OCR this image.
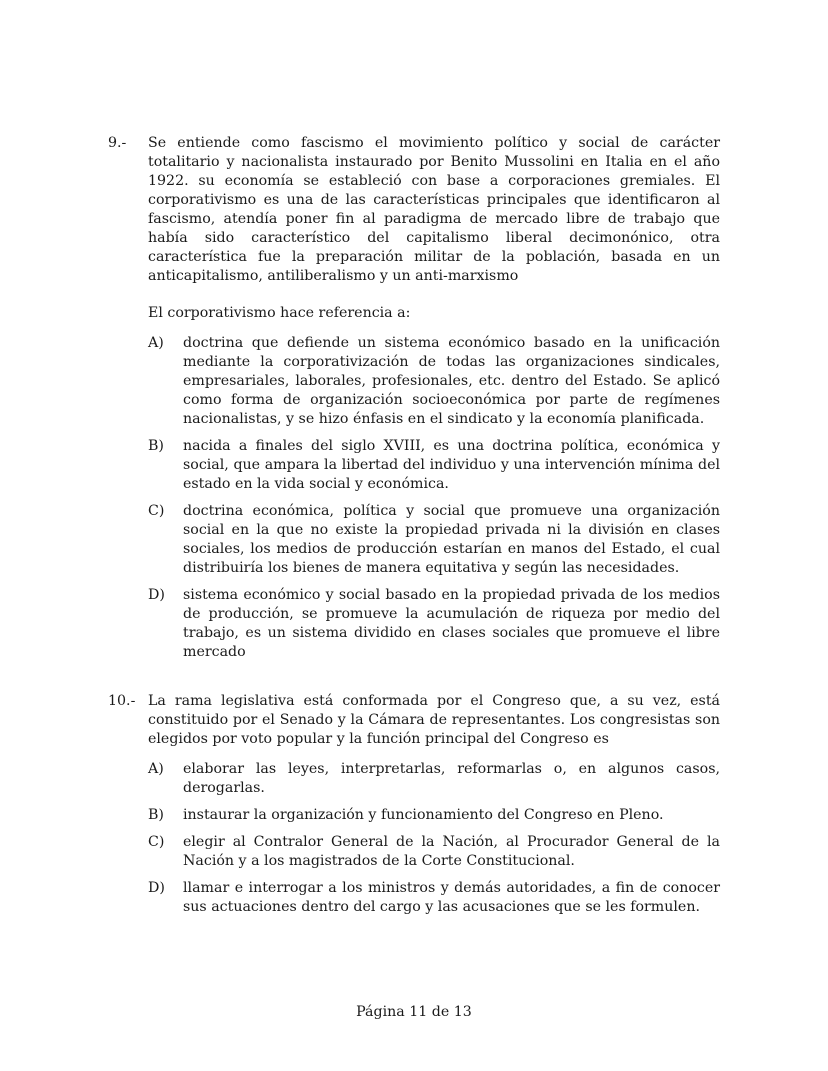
9.- Se entiende como fascismo el movimiento político y social de carácter totalitario y nacionalista instaurado por Benito Mussolini en Italia en el año 1922. su economía se estableció con base a corporaciones gremiales. El corporativismo es una de las características principales que identificaron al fascismo, atendía poner fin al paradigma de mercado libre de trabajo que había sido característico del capitalismo liberal decimonónico, otra característica fue la preparación militar de la población, basada en un anticapitalismo, antiliberalismo y un anti-marxismo

El corporativismo hace referencia a:

A) doctrina que defiende un sistema económico basado en la unificación mediante la corporativización de todas las organizaciones sindicales, empresariales, laborales, profesionales, etc. dentro del Estado. Se aplicó como forma de organización socioeconómica por parte de regímenes nacionalistas, y se hizo énfasis en el sindicato y la economía planificada.
B) nacida a finales del siglo XVIII, es una doctrina política, económica y social, que ampara la libertad del individuo y una intervención mínima del estado en la vida social y económica.
C) doctrina económica, política y social que promueve una organización social en la que no existe la propiedad privada ni la división en clases sociales, los medios de producción estarían en manos del Estado, el cual distribuiría los bienes de manera equitativa y según las necesidades.
D) sistema económico y social basado en la propiedad privada de los medios de producción, se promueve la acumulación de riqueza por medio del trabajo, es un sistema dividido en clases sociales que promueve el libre mercado
10.- La rama legislativa está conformada por el Congreso que, a su vez, está constituido por el Senado y la Cámara de representantes. Los congresistas son elegidos por voto popular y la función principal del Congreso es

A) elaborar las leyes, interpretarlas, reformarlas o, en algunos casos, derogarlas.
B) instaurar la organización y funcionamiento del Congreso en Pleno.
C) elegir al Contralor General de la Nación, al Procurador General de la Nación y a los magistrados de la Corte Constitucional.
D) llamar e interrogar a los ministros y demás autoridades, a fin de conocer sus actuaciones dentro del cargo y las acusaciones que se les formulen.
Página 11 de 13
